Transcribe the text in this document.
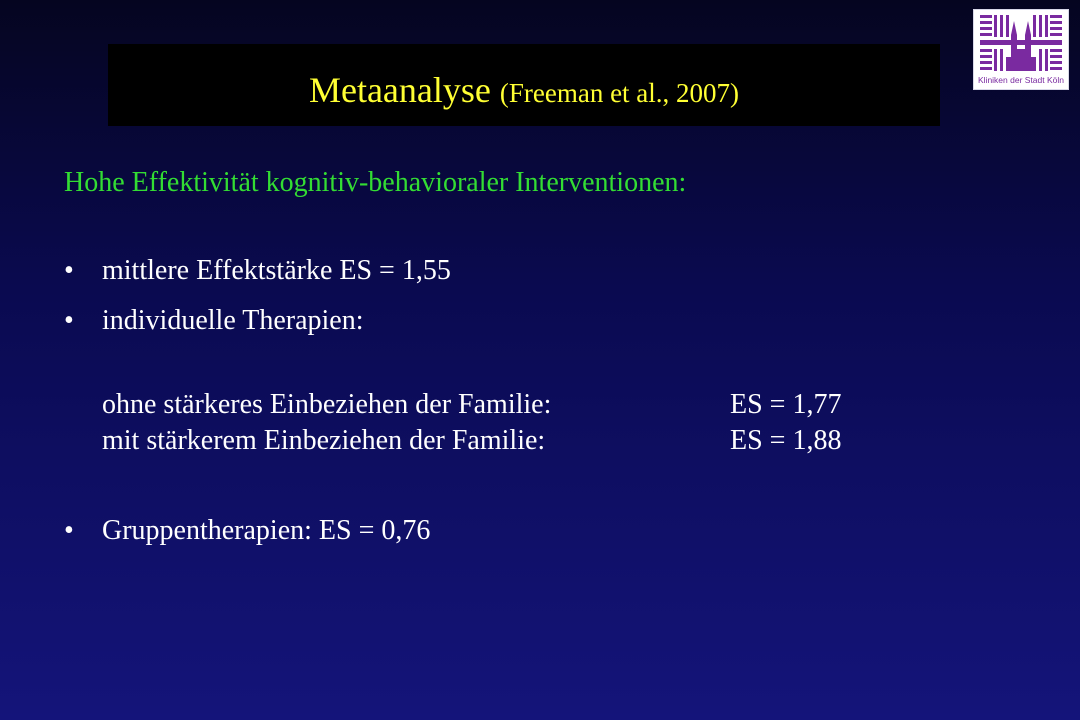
Metaanalyse (Freeman et al., 2007)	Kliniken der Stadt Köln
Hohe Effektivität kognitiv-behavioraler Interventionen:
• mittlere Effektstärke ES = 1,55
• individuelle Therapien:
ohne stärkeres Einbeziehen der Familie:	ES = 1,77
mit stärkerem Einbeziehen der Familie:	ES = 1,88
• Gruppentherapien: ES = 0,76
